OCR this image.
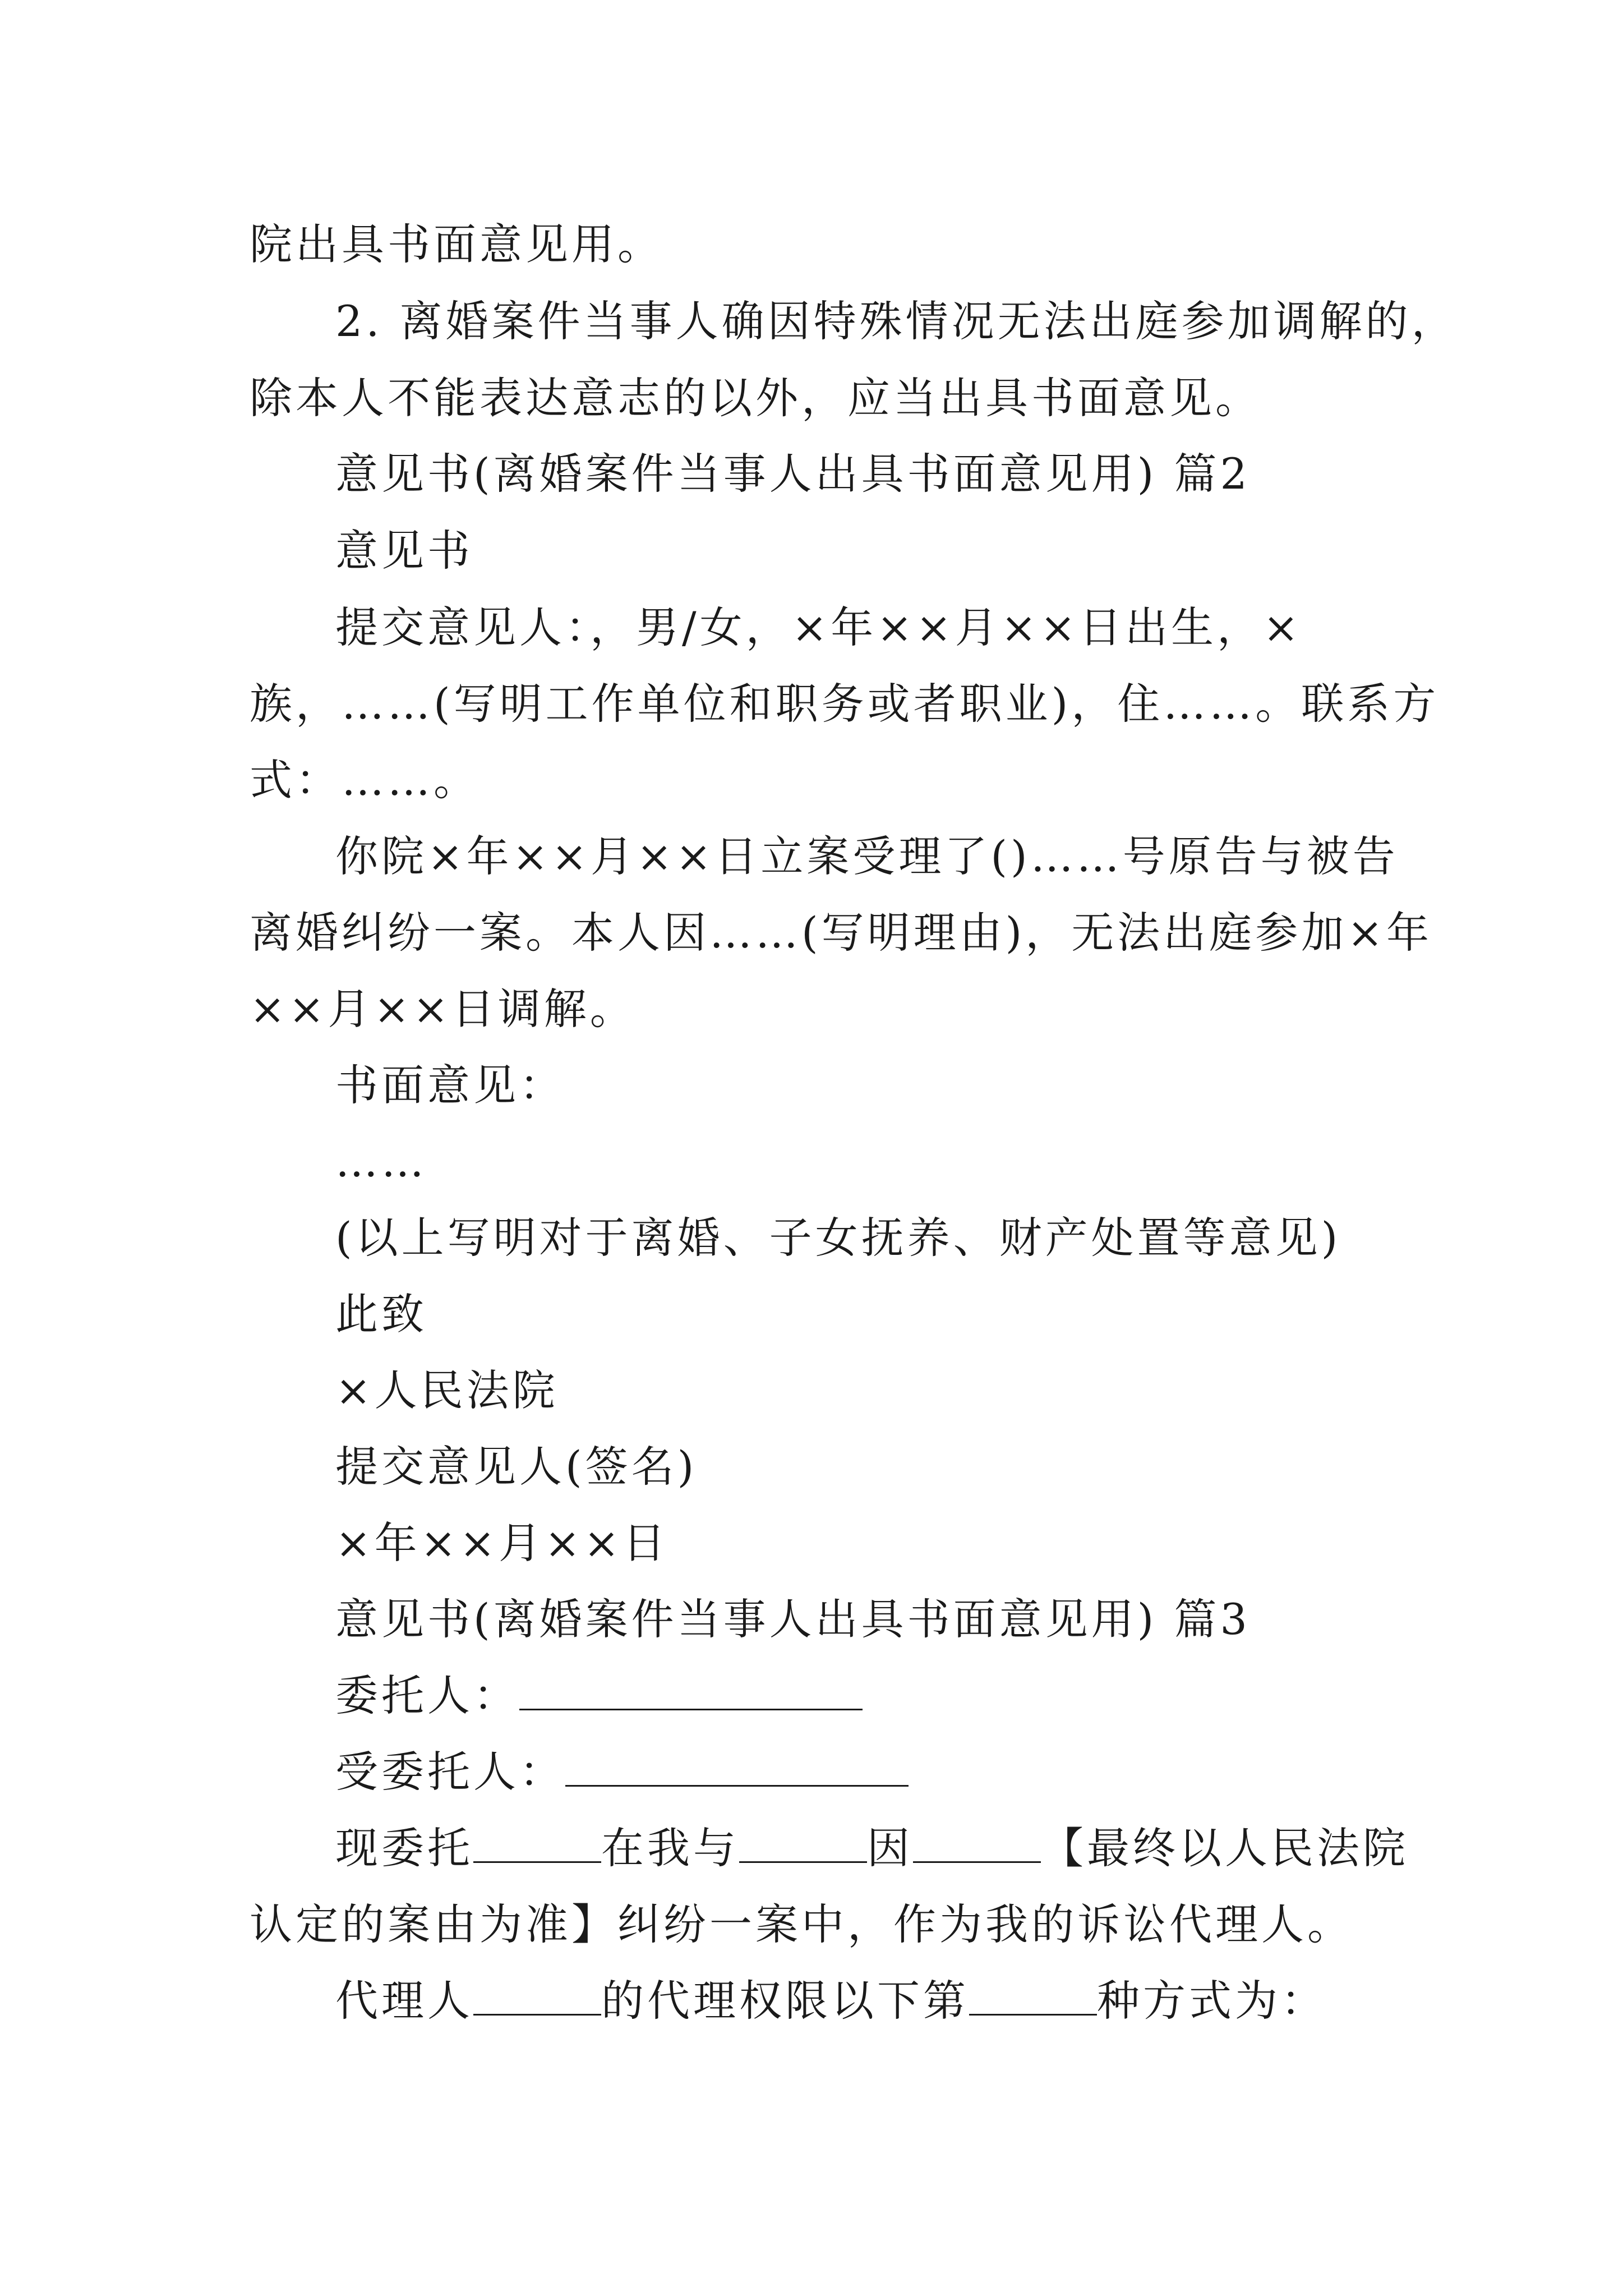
院出具书面意见用。
2. 离婚案件当事人确因特殊情况无法出庭参加调解的，
除本人不能表达意志的以外，应当出具书面意见。
意见书(离婚案件当事人出具书面意见用) 篇2
意见书
提交意见人：，男/女，×年××月××日出生，×
族，……(写明工作单位和职务或者职业)，住……。联系方
式：……。
你院×年××月××日立案受理了()……号原告与被告
离婚纠纷一案。本人因……(写明理由)，无法出庭参加×年
××月××日调解。
书面意见：
……
(以上写明对于离婚、子女抚养、财产处置等意见)
此致
×人民法院
提交意见人(签名)
×年××月××日
意见书(离婚案件当事人出具书面意见用) 篇3
委托人：
受委托人：
现委托	在我与	因	【最终以人民法院
认定的案由为准】纠纷一案中，作为我的诉讼代理人。
代理人	的代理权限以下第	种方式为：
